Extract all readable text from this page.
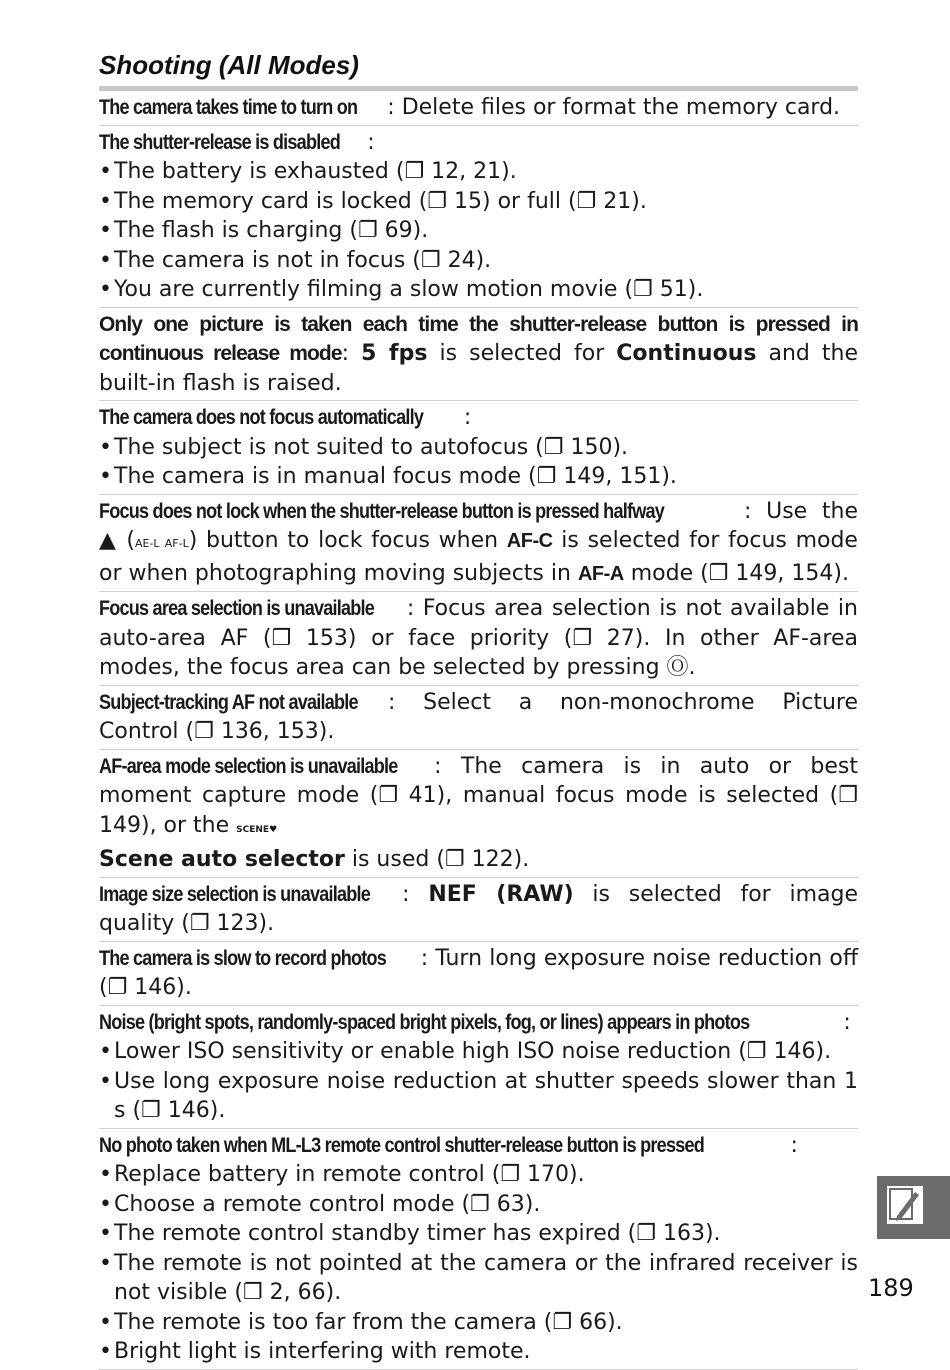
Shooting (All Modes)

The camera takes time to turn on : Delete files or format the memory card.

The shutter-release is disabled :

• The battery is exhausted (❐ 12, 21).
• The memory card is locked (❐ 15) or full (❐ 21).
• The flash is charging (❐ 69).
• The camera is not in focus (❐ 24).
• You are currently filming a slow motion movie (❐ 51).

Only one picture is taken each time the shutter-release button is pressed in continuous release mode: 5 fps is selected for Continuous and the built-in flash is raised.

The camera does not focus automatically :

• The subject is not suited to autofocus (❐ 150).
• The camera is in manual focus mode (❐ 149, 151).

Focus does not lock when the shutter-release button is pressed halfway	: Use the ▲ (AE-L AF-L) button to lock focus when AF-C is selected for focus mode or when photographing moving subjects in AF-A mode (❐ 149, 154).

Focus area selection is unavailable : Focus area selection is not available in auto-area AF (❐ 153) or face priority (❐ 27). In other AF-area modes, the focus area can be selected by pressing Ⓞ.

Subject-tracking AF not available : Select a non-monochrome Picture Control (❐ 136, 153).

AF-area mode selection is unavailable : The camera is in auto or best moment capture mode (❐ 41), manual focus mode is selected (❐ 149), or the SCENE♥
Scene auto selector is used (❐ 122).

Image size selection is unavailable : NEF (RAW) is selected for image quality (❐ 123).

The camera is slow to record photos : Turn long exposure noise reduction off (❐ 146).

Noise (bright spots, randomly-spaced bright pixels, fog, or lines) appears in photos	:

• Lower ISO sensitivity or enable high ISO noise reduction (❐ 146).
• Use long exposure noise reduction at shutter speeds slower than 1 s (❐ 146).

No photo taken when ML-L3 remote control shutter-release button is pressed	:

• Replace battery in remote control (❐ 170).
• Choose a remote control mode (❐ 63).
• The remote control standby timer has expired (❐ 163).
• The remote is not pointed at the camera or the infrared receiver is not visible (❐ 2, 66).
• The remote is too far from the camera (❐ 66).
• Bright light is interfering with remote.
189
